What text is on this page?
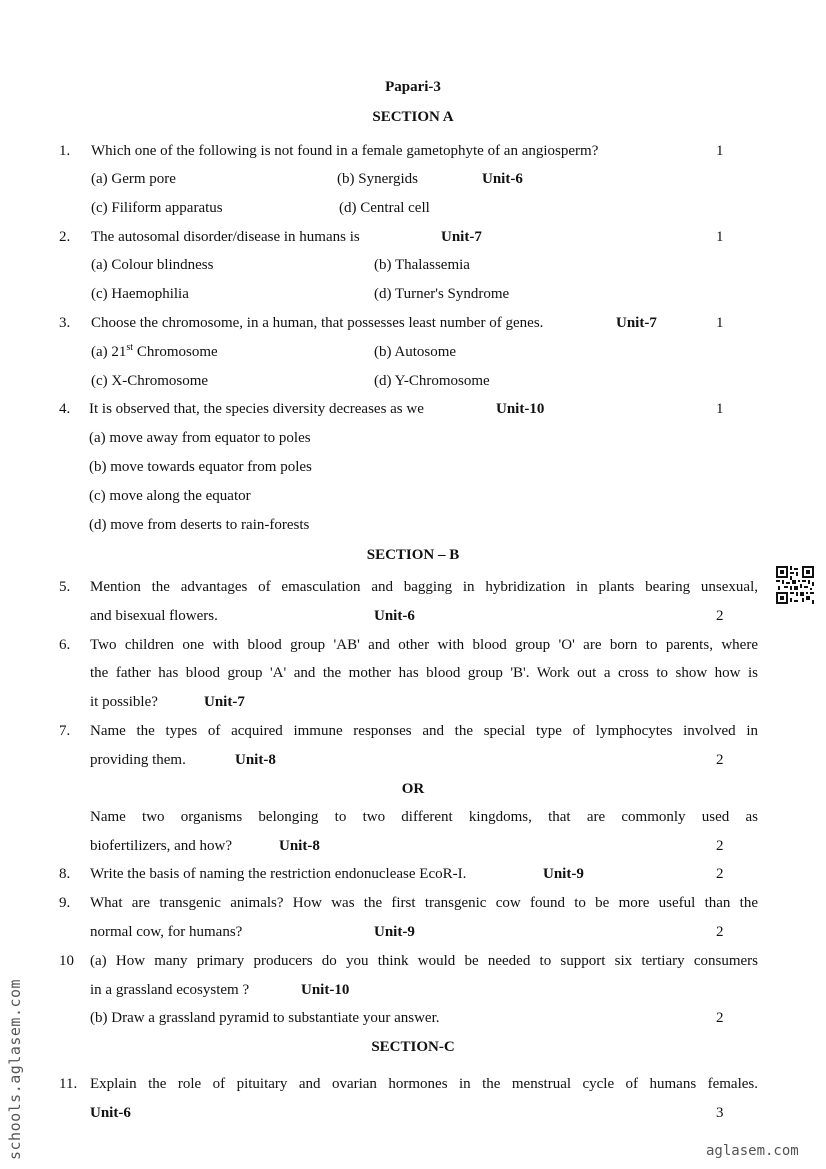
Papari-3
SECTION A
1. Which one of the following is not found in a female gametophyte of an angiosperm?	1
(a) Germ pore	(b) Synergids	Unit-6
(c) Filiform apparatus	(d) Central cell
2. The autosomal disorder/disease in humans is	Unit-7	1
(a) Colour blindness	(b) Thalassemia
(c) Haemophilia	(d) Turner's Syndrome
3. Choose the chromosome, in a human, that possesses least number of genes.	Unit-7	1
(a) 21st Chromosome	(b) Autosome
(c) X-Chromosome	(d) Y-Chromosome
4. It is observed that, the species diversity decreases as we	Unit-10	1
(a) move away from equator to poles
(b) move towards equator from poles
(c) move along the equator
(d) move from deserts to rain-forests
SECTION – B
5. Mention the advantages of emasculation and bagging in hybridization in plants bearing unsexual,
and bisexual flowers.	Unit-6	2
6. Two children one with blood group 'AB' and other with blood group 'O' are born to parents, where
the father has blood group 'A' and the mother has blood group 'B'. Work out a cross to show how is
it possible?	Unit-7
7. Name the types of acquired immune responses and the special type of lymphocytes involved in
providing them.	Unit-8	2
OR
Name two organisms belonging to two different kingdoms, that are commonly used as
biofertilizers, and how?	Unit-8	2
8. Write the basis of naming the restriction endonuclease EcoR-I.	Unit-9	2
9. What are transgenic animals? How was the first transgenic cow found to be more useful than the
normal cow, for humans?	Unit-9	2
10 (a) How many primary producers do you think would be needed to support six tertiary consumers
in a grassland ecosystem ?	Unit-10
(b) Draw a grassland pyramid to substantiate your answer.	2
SECTION-C
11. Explain the role of pituitary and ovarian hormones in the menstrual cycle of humans females.
Unit-6	3
schools.aglasem.com	aglasem.com
